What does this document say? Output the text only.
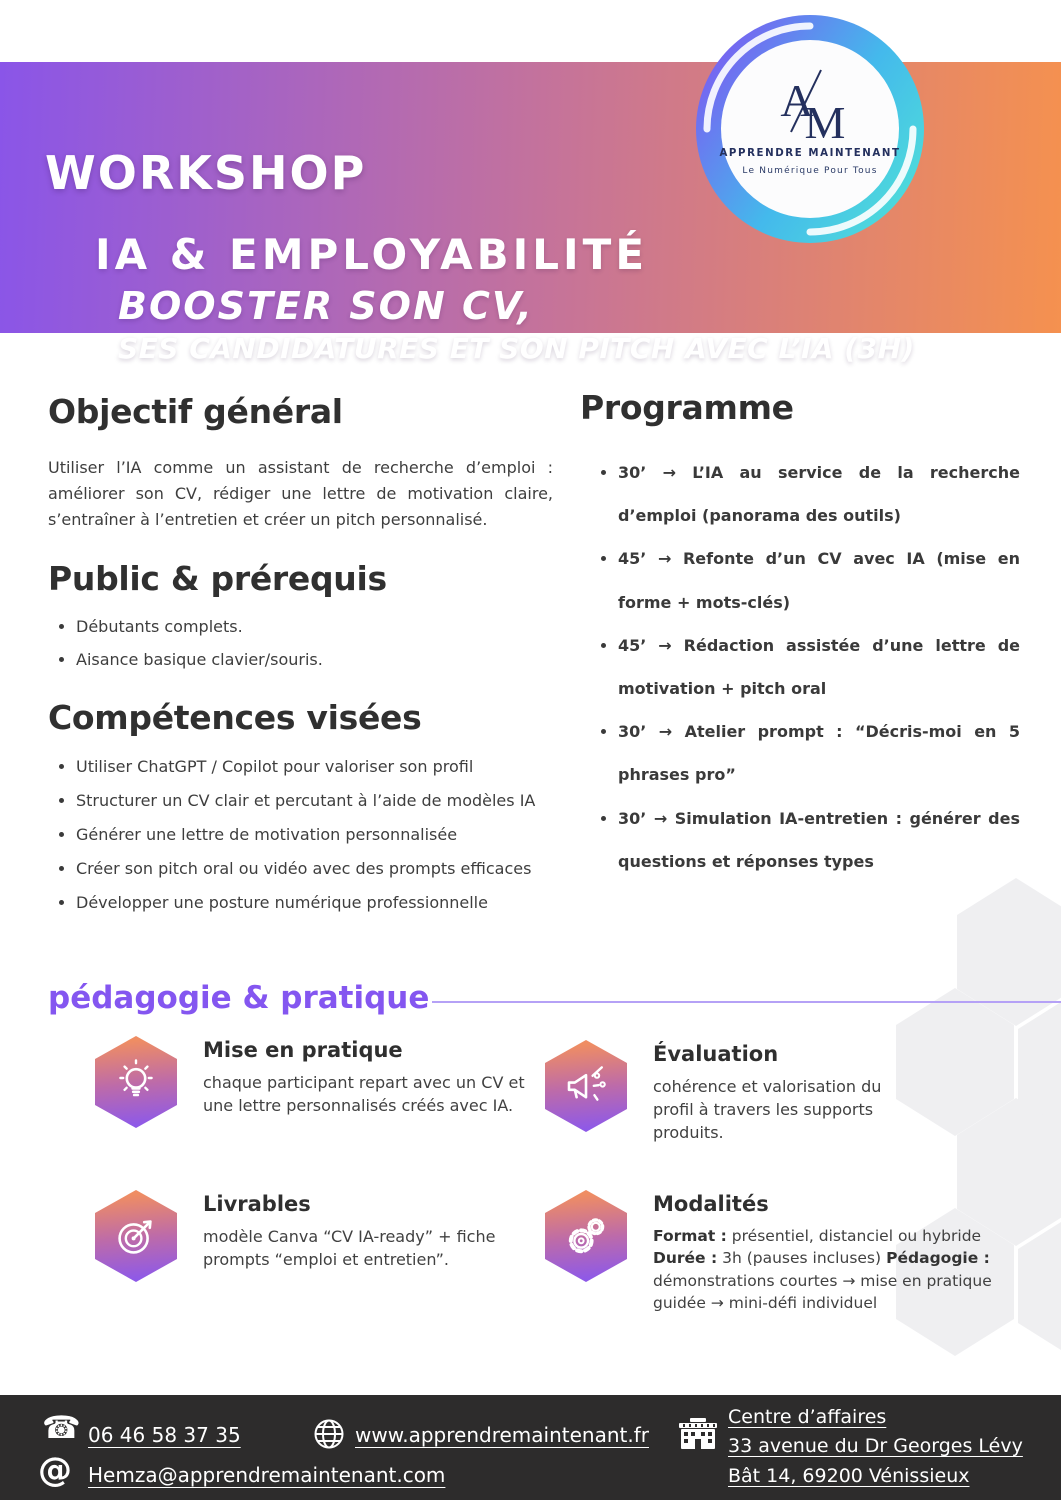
WORKSHOP
IA & EMPLOYABILITÉ
BOOSTER SON CV,
SES CANDIDATURES ET SON PITCH AVEC L’IA (3H)
A
M
APPRENDRE MAINTENANT
Le Numérique Pour Tous
Objectif général

Utiliser l’IA comme un assistant de recherche d’emploi : améliorer son CV, rédiger une lettre de motivation claire, s’entraîner à l’entretien et créer un pitch personnalisé.

Public & prérequis
• Débutants complets.
• Aisance basique clavier/souris.
Compétences visées
• Utiliser ChatGPT / Copilot pour valoriser son profil
• Structurer un CV clair et percutant à l’aide de modèles IA
• Générer une lettre de motivation personnalisée
• Créer son pitch oral ou vidéo avec des prompts efficaces
• Développer une posture numérique professionnelle
Programme
• 30’ → L’IA au service de la recherche d’emploi (panorama des outils)
• 45’ → Refonte d’un CV avec IA (mise en forme + mots-clés)
• 45’ → Rédaction assistée d’une lettre de motivation + pitch oral
• 30’ → Atelier prompt : “Décris-moi en 5 phrases pro”
• 30’ → Simulation IA-entretien : générer des questions et réponses types
pédagogie & pratique
Mise en pratique

chaque participant repart avec un CV et une lettre personnalisés créés avec IA.

Évaluation

cohérence et valorisation du profil à travers les supports produits.

Livrables

modèle Canva “CV IA-ready” + fiche prompts “emploi et entretien”.

Modalités
Format : présentiel, distanciel ou hybride Durée : 3h (pauses incluses) Pédagogie : démonstrations courtes → mise en pratique guidée → mini-défi individuel
☎ 06 46 58 37 35
@ Hemza@apprendremaintenant.com
www.apprendremaintenant.fr
Centre d’affaires
33 avenue du Dr Georges Lévy
Bât 14, 69200 Vénissieux
